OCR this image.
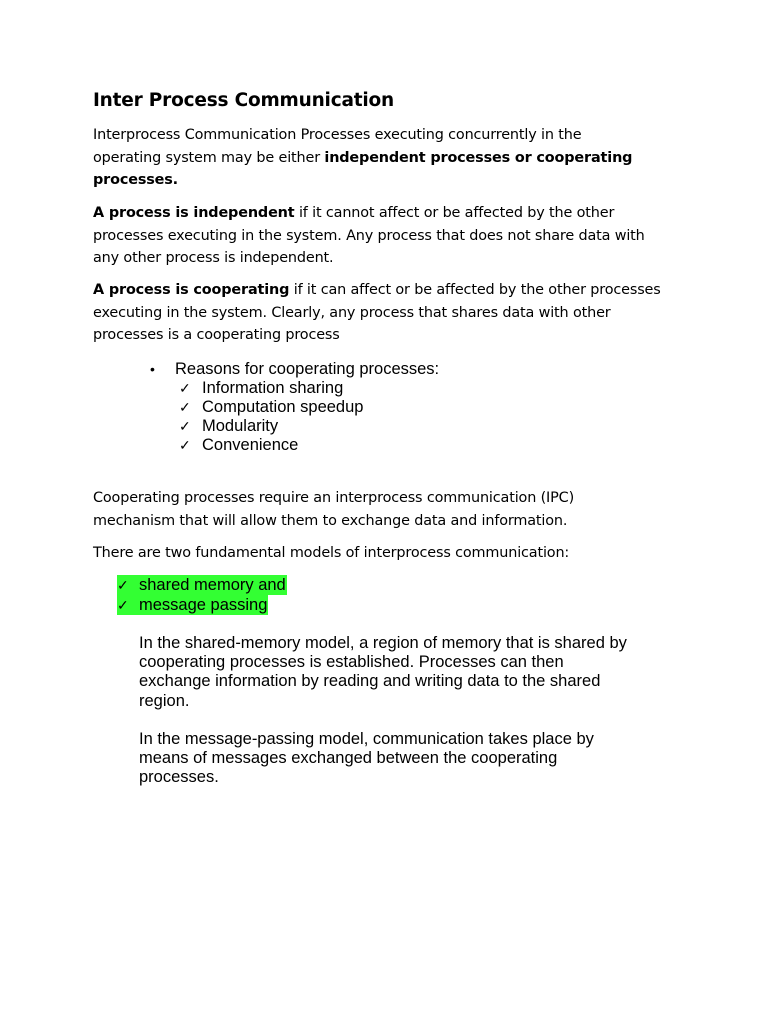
Inter Process Communication

Interprocess Communication Processes executing concurrently in the
operating system may be either independent processes or cooperating
processes.

A process is independent if it cannot affect or be affected by the other
processes executing in the system. Any process that does not share data with
any other process is independent.

A process is cooperating if it can affect or be affected by the other processes
executing in the system. Clearly, any process that shares data with other
processes is a cooperating process

•	Reasons for cooperating processes:
✓ Information sharing
✓ Computation speedup
✓ Modularity
✓ Convenience

Cooperating processes require an interprocess communication (IPC)
mechanism that will allow them to exchange data and information.

There are two fundamental models of interprocess communication:

✓ shared memory and
✓ message passing

In the shared-memory model, a region of memory that is shared by
cooperating processes is established. Processes can then
exchange information by reading and writing data to the shared
region.

In the message-passing model, communication takes place by
means of messages exchanged between the cooperating
processes.
